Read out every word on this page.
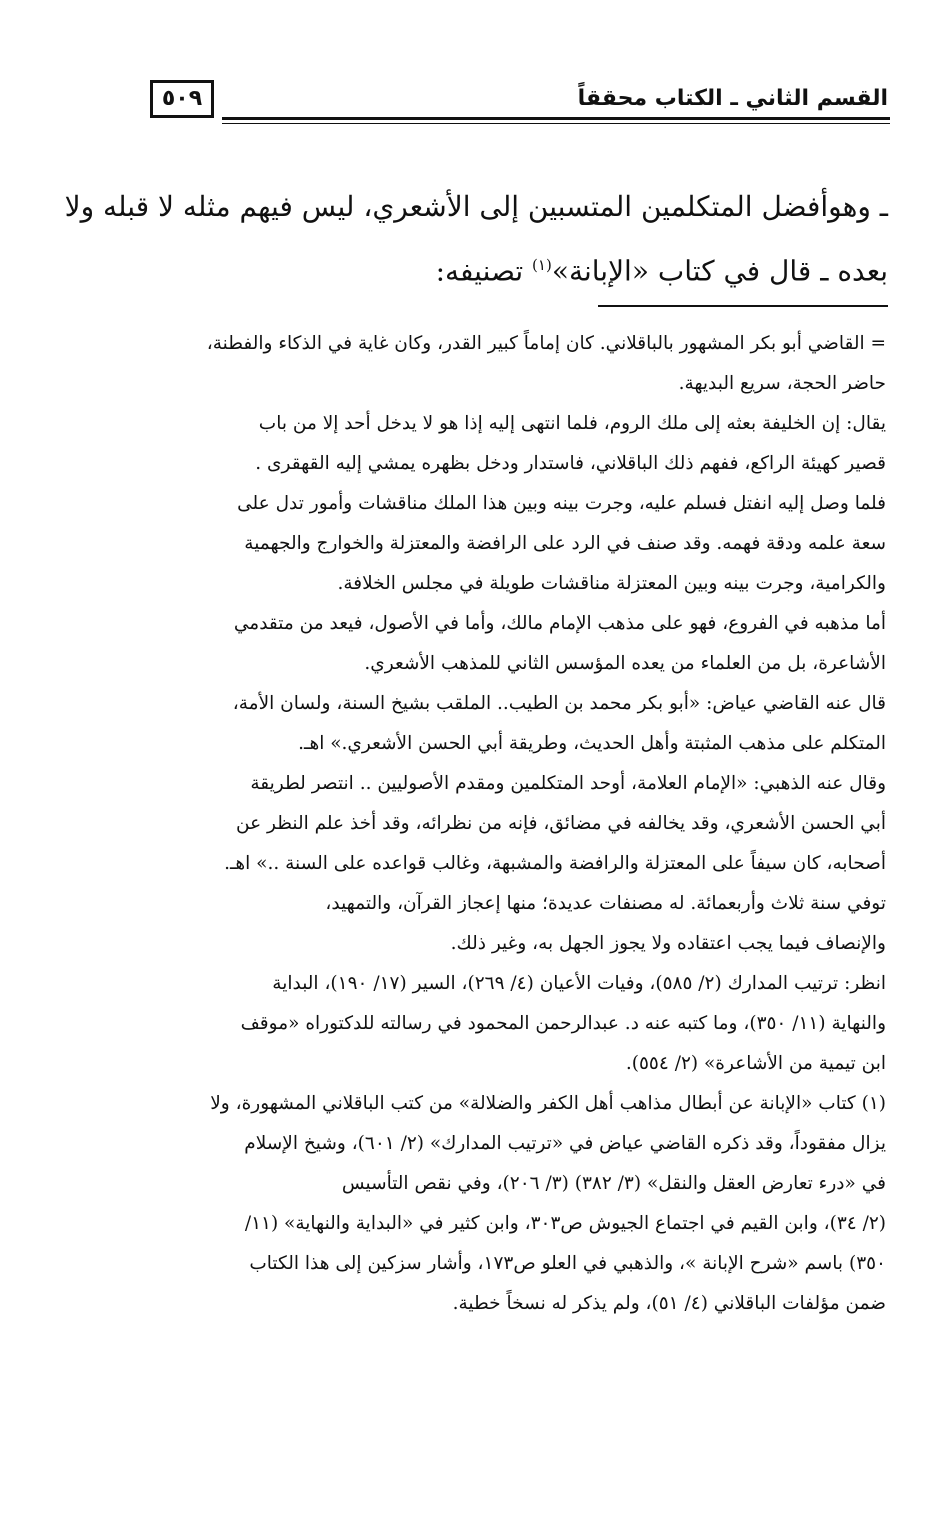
القسم الثاني ـ الكتاب محققاً
٥٠٩
ـ وهوأفضل المتكلمين المتسبين إلى الأشعري، ليس فيهم مثله لا قبله ولا
بعده ـ قال في كتاب «الإبانة»$^{(١)}$ تصنيفه:
= القاضي أبو بكر المشهور بالباقلاني. كان إماماً كبير القدر، وكان غاية في الذكاء والفطنة،
حاضر الحجة، سريع البديهة.
يقال: إن الخليفة بعثه إلى ملك الروم، فلما انتهى إليه إذا هو لا يدخل أحد إلا من باب
قصير كهيئة الراكع، ففهم ذلك الباقلاني، فاستدار ودخل بظهره يمشي إليه القهقرى .
فلما وصل إليه انفتل فسلم عليه، وجرت بينه وبين هذا الملك مناقشات وأمور تدل على
سعة علمه ودقة فهمه. وقد صنف في الرد على الرافضة والمعتزلة والخوارج والجهمية
والكرامية، وجرت بينه وبين المعتزلة مناقشات طويلة في مجلس الخلافة.
أما مذهبه في الفروع، فهو على مذهب الإمام مالك، وأما في الأصول، فيعد من متقدمي
الأشاعرة، بل من العلماء من يعده المؤسس الثاني للمذهب الأشعري.
قال عنه القاضي عياض: «أبو بكر محمد بن الطيب.. الملقب بشيخ السنة، ولسان الأمة،
المتكلم على مذهب المثبتة وأهل الحديث، وطريقة أبي الحسن الأشعري.» اهـ.
وقال عنه الذهبي: «الإمام العلامة، أوحد المتكلمين ومقدم الأصوليين .. انتصر لطريقة
أبي الحسن الأشعري، وقد يخالفه في مضائق، فإنه من نظرائه، وقد أخذ علم النظر عن
أصحابه، كان سيفاً على المعتزلة والرافضة والمشبهة، وغالب قواعده على السنة ..» اهـ.
توفي سنة ثلاث وأربعمائة. له مصنفات عديدة؛ منها إعجاز القرآن، والتمهيد،
والإنصاف فيما يجب اعتقاده ولا يجوز الجهل به، وغير ذلك.
انظر: ترتيب المدارك (٢/ ٥٨٥)، وفيات الأعيان (٤/ ٢٦٩)، السير (١٧/ ١٩٠)، البداية
والنهاية (١١/ ٣٥٠)، وما كتبه عنه د. عبدالرحمن المحمود في رسالته للدكتوراه «موقف
ابن تيمية من الأشاعرة» (٢/ ٥٥٤).
(١) كتاب «الإبانة عن أبطال مذاهب أهل الكفر والضلالة» من كتب الباقلاني المشهورة، ولا
يزال مفقوداً، وقد ذكره القاضي عياض في «ترتيب المدارك» (٢/ ٦٠١)، وشيخ الإسلام
في «درء تعارض العقل والنقل» (٣/ ٣٨٢) (٣/ ٢٠٦)، وفي نقص التأسيس
(٢/ ٣٤)، وابن القيم في اجتماع الجيوش ص٣٠٣، وابن كثير في «البداية والنهاية» (١١/
٣٥٠) باسم «شرح الإبانة »، والذهبي في العلو ص١٧٣، وأشار سزكين إلى هذا الكتاب
ضمن مؤلفات الباقلاني (٤/ ٥١)، ولم يذكر له نسخاً خطية.
